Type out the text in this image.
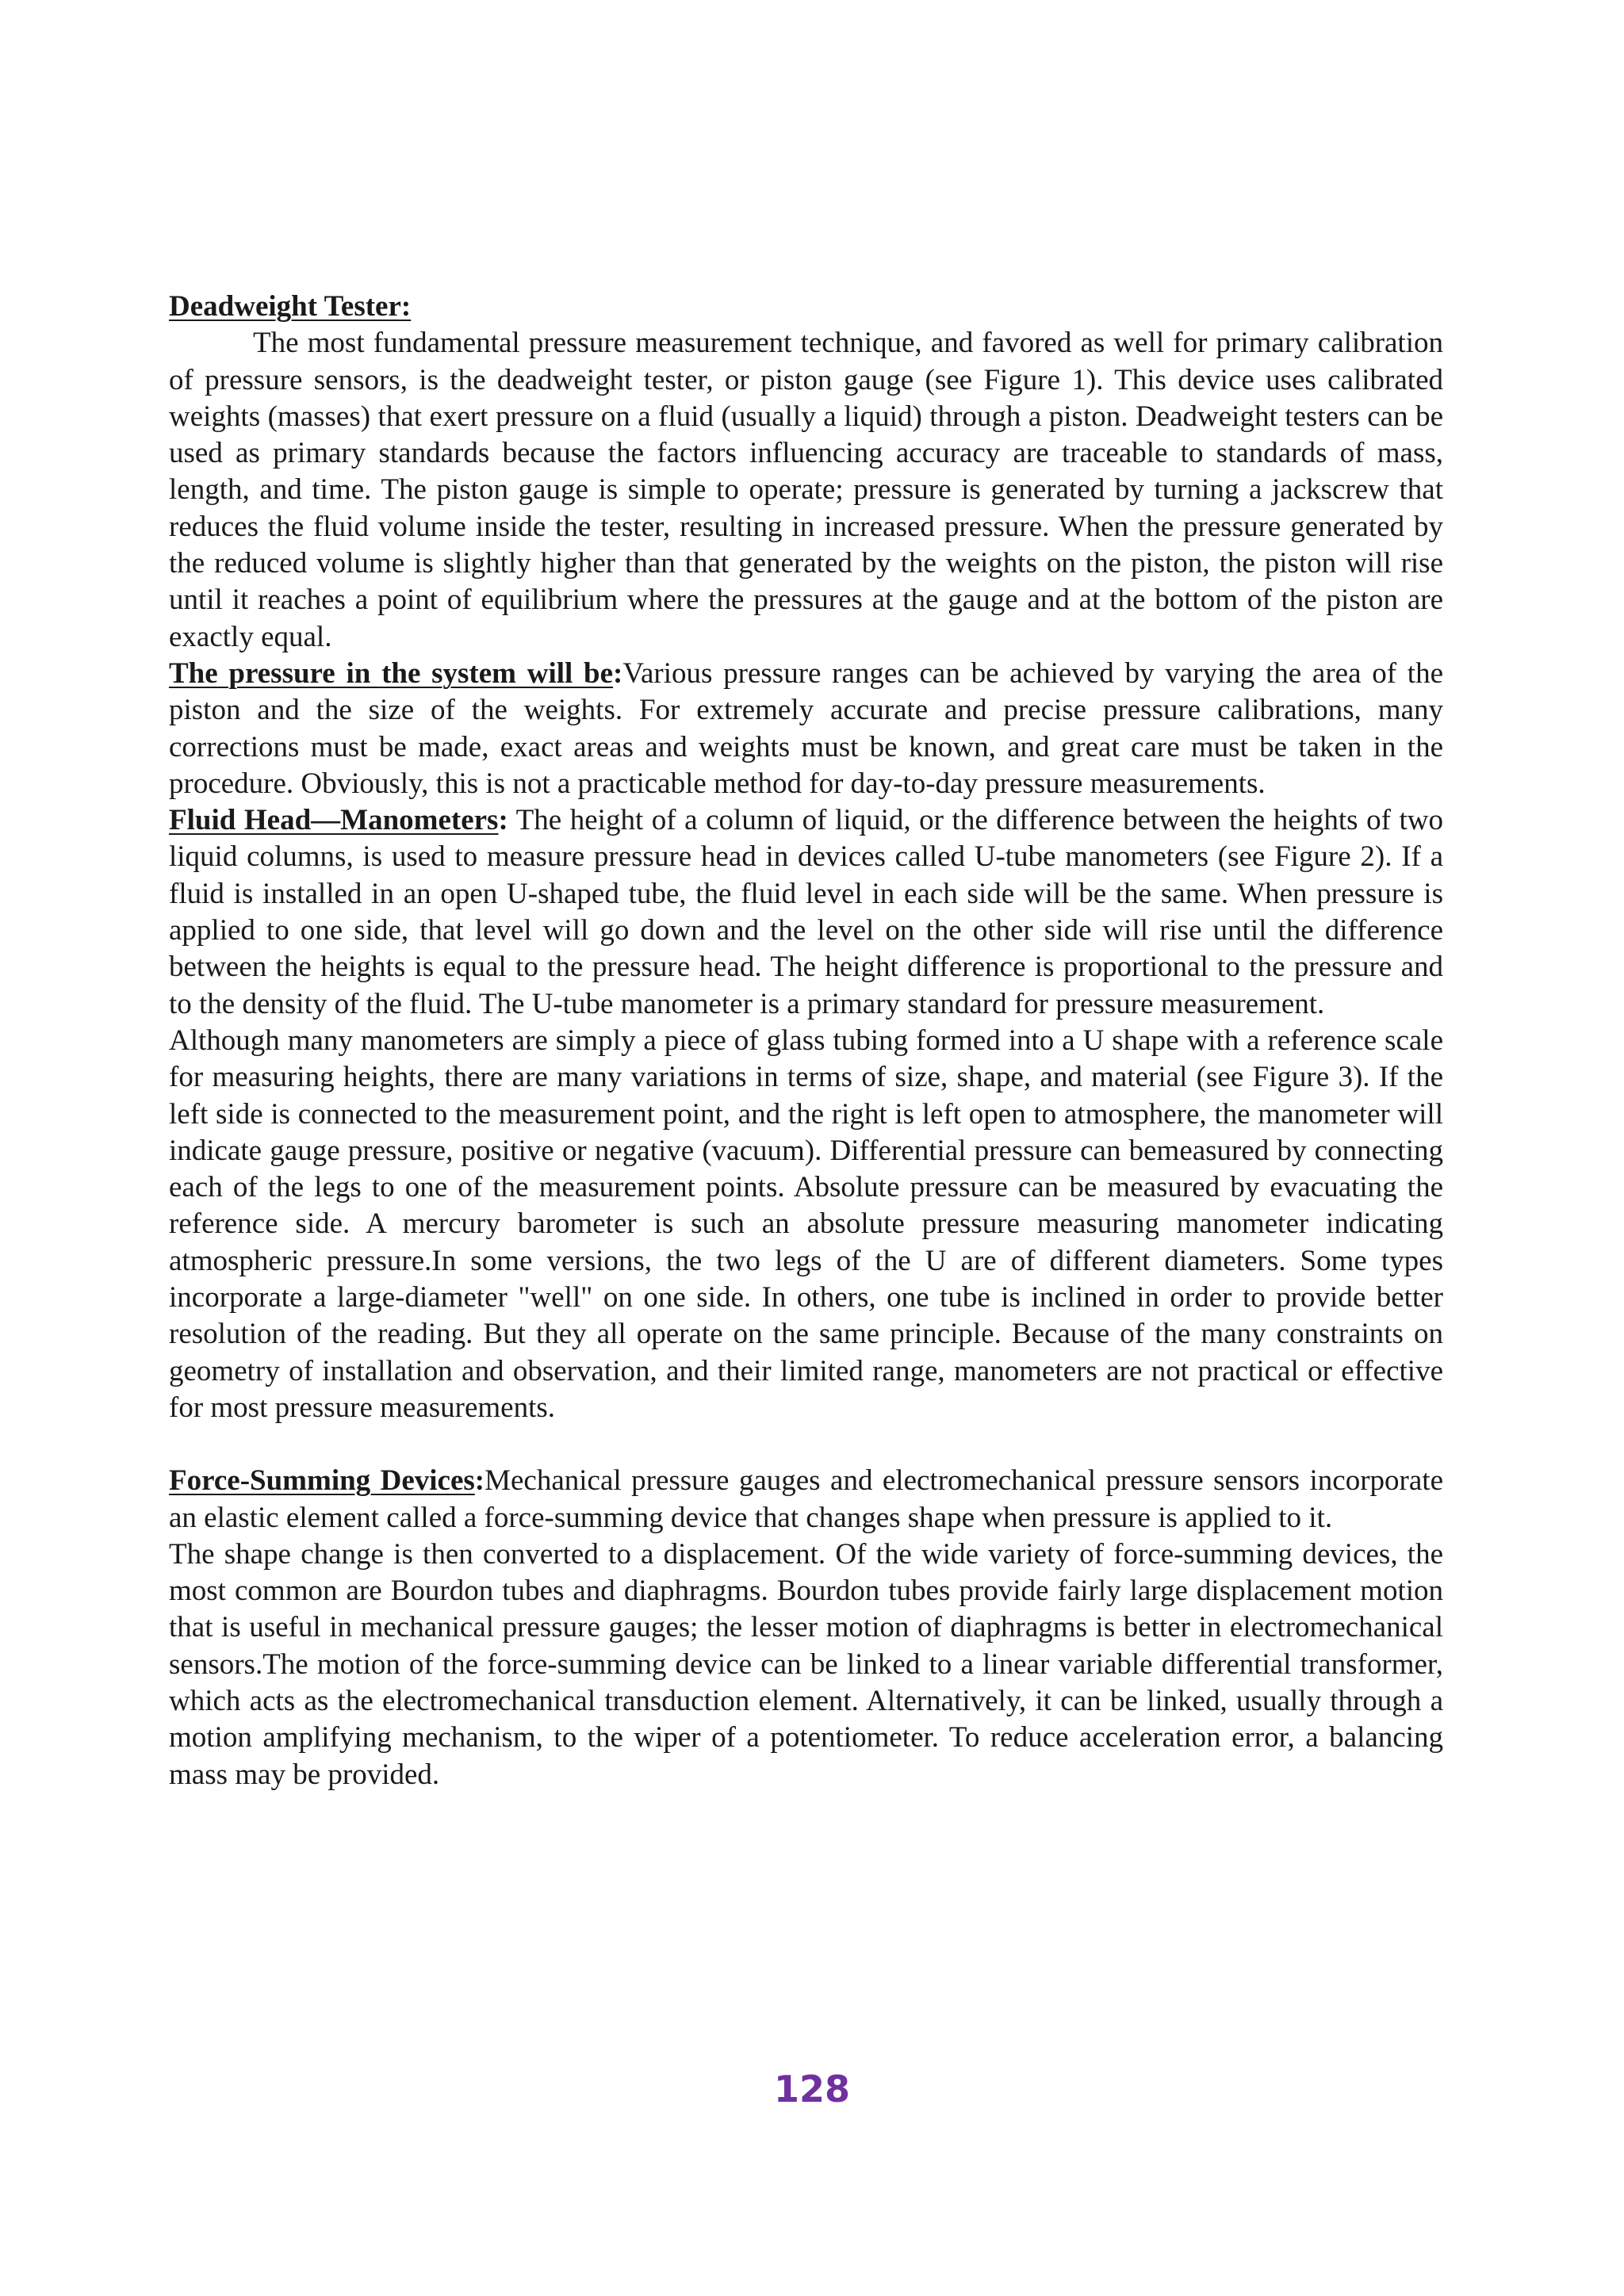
Deadweight Tester:

The most fundamental pressure measurement technique, and favored as well for primary calibration of pressure sensors, is the deadweight tester, or piston gauge (see Figure 1). This device uses calibrated weights (masses) that exert pressure on a fluid (usually a liquid) through a piston. Deadweight testers can be used as primary standards because the factors influencing accuracy are traceable to standards of mass, length, and time. The piston gauge is simple to operate; pressure is generated by turning a jackscrew that reduces the fluid volume inside the tester, resulting in increased pressure. When the pressure generated by the reduced volume is slightly higher than that generated by the weights on the piston, the piston will rise until it reaches a point of equilibrium where the pressures at the gauge and at the bottom of the piston are exactly equal.

The pressure in the system will be:Various pressure ranges can be achieved by varying the area of the piston and the size of the weights. For extremely accurate and precise pressure calibrations, many corrections must be made, exact areas and weights must be known, and great care must be taken in the procedure. Obviously, this is not a practicable method for day-to-day pressure measurements.

Fluid Head—Manometers: The height of a column of liquid, or the difference between the heights of two liquid columns, is used to measure pressure head in devices called U-tube manometers (see Figure 2). If a fluid is installed in an open U-shaped tube, the fluid level in each side will be the same. When pressure is applied to one side, that level will go down and the level on the other side will rise until the difference between the heights is equal to the pressure head. The height difference is proportional to the pressure and to the density of the fluid. The U-tube manometer is a primary standard for pressure measurement.

Although many manometers are simply a piece of glass tubing formed into a U shape with a reference scale for measuring heights, there are many variations in terms of size, shape, and material (see Figure 3). If the left side is connected to the measurement point, and the right is left open to atmosphere, the manometer will indicate gauge pressure, positive or negative (vacuum). Differential pressure can bemeasured by connecting each of the legs to one of the measurement points. Absolute pressure can be measured by evacuating the reference side. A mercury barometer is such an absolute pressure measuring manometer indicating atmospheric pressure.In some versions, the two legs of the U are of different diameters. Some types incorporate a large-diameter "well" on one side. In others, one tube is inclined in order to provide better resolution of the reading. But they all operate on the same principle. Because of the many constraints on geometry of installation and observation, and their limited range, manometers are not practical or effective for most pressure measurements.

Force-Summing Devices:Mechanical pressure gauges and electromechanical pressure sensors incorporate an elastic element called a force-summing device that changes shape when pressure is applied to it.

The shape change is then converted to a displacement. Of the wide variety of force-summing devices, the most common are Bourdon tubes and diaphragms. Bourdon tubes provide fairly large displacement motion that is useful in mechanical pressure gauges; the lesser motion of diaphragms is better in electromechanical sensors.The motion of the force-summing device can be linked to a linear variable differential transformer, which acts as the electromechanical transduction element. Alternatively, it can be linked, usually through a motion amplifying mechanism, to the wiper of a potentiometer. To reduce acceleration error, a balancing mass may be provided.

128
